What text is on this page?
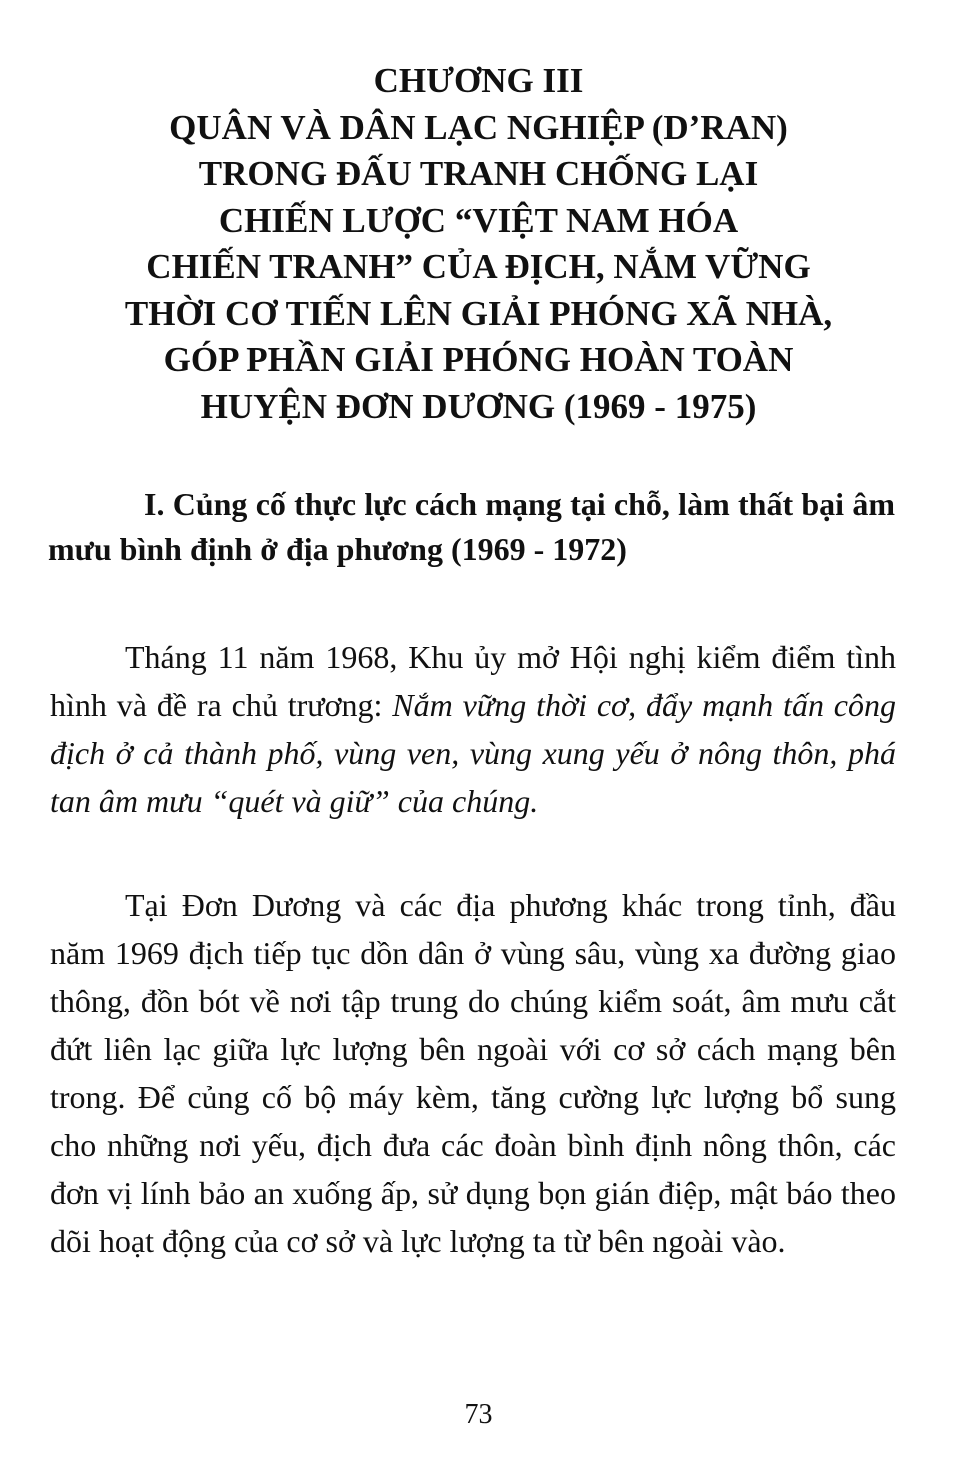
CHƯƠNG III
QUÂN VÀ DÂN LẠC NGHIỆP (D’RAN)
TRONG ĐẤU TRANH CHỐNG LẠI
CHIẾN LƯỢC “VIỆT NAM HÓA
CHIẾN TRANH” CỦA ĐỊCH, NẮM VỮNG
THỜI CƠ TIẾN LÊN GIẢI PHÓNG XÃ NHÀ,
GÓP PHẦN GIẢI PHÓNG HOÀN TOÀN
HUYỆN ĐƠN DƯƠNG (1969 - 1975)
I. Củng cố thực lực cách mạng tại chỗ, làm thất bại âm mưu bình định ở địa phương (1969 - 1972)

Tháng 11 năm 1968, Khu ủy mở Hội nghị kiểm điểm tình hình và đề ra chủ trương: Nắm vững thời cơ, đẩy mạnh tấn công địch ở cả thành phố, vùng ven, vùng xung yếu ở nông thôn, phá tan âm mưu “quét và giữ” của chúng.

Tại Đơn Dương và các địa phương khác trong tỉnh, đầu năm 1969 địch tiếp tục dồn dân ở vùng sâu, vùng xa đường giao thông, đồn bót về nơi tập trung do chúng kiểm soát, âm mưu cắt đứt liên lạc giữa lực lượng bên ngoài với cơ sở cách mạng bên trong. Để củng cố bộ máy kèm, tăng cường lực lượng bổ sung cho những nơi yếu, địch đưa các đoàn bình định nông thôn, các đơn vị lính bảo an xuống ấp, sử dụng bọn gián điệp, mật báo theo dõi hoạt động của cơ sở và lực lượng ta từ bên ngoài vào.

73
